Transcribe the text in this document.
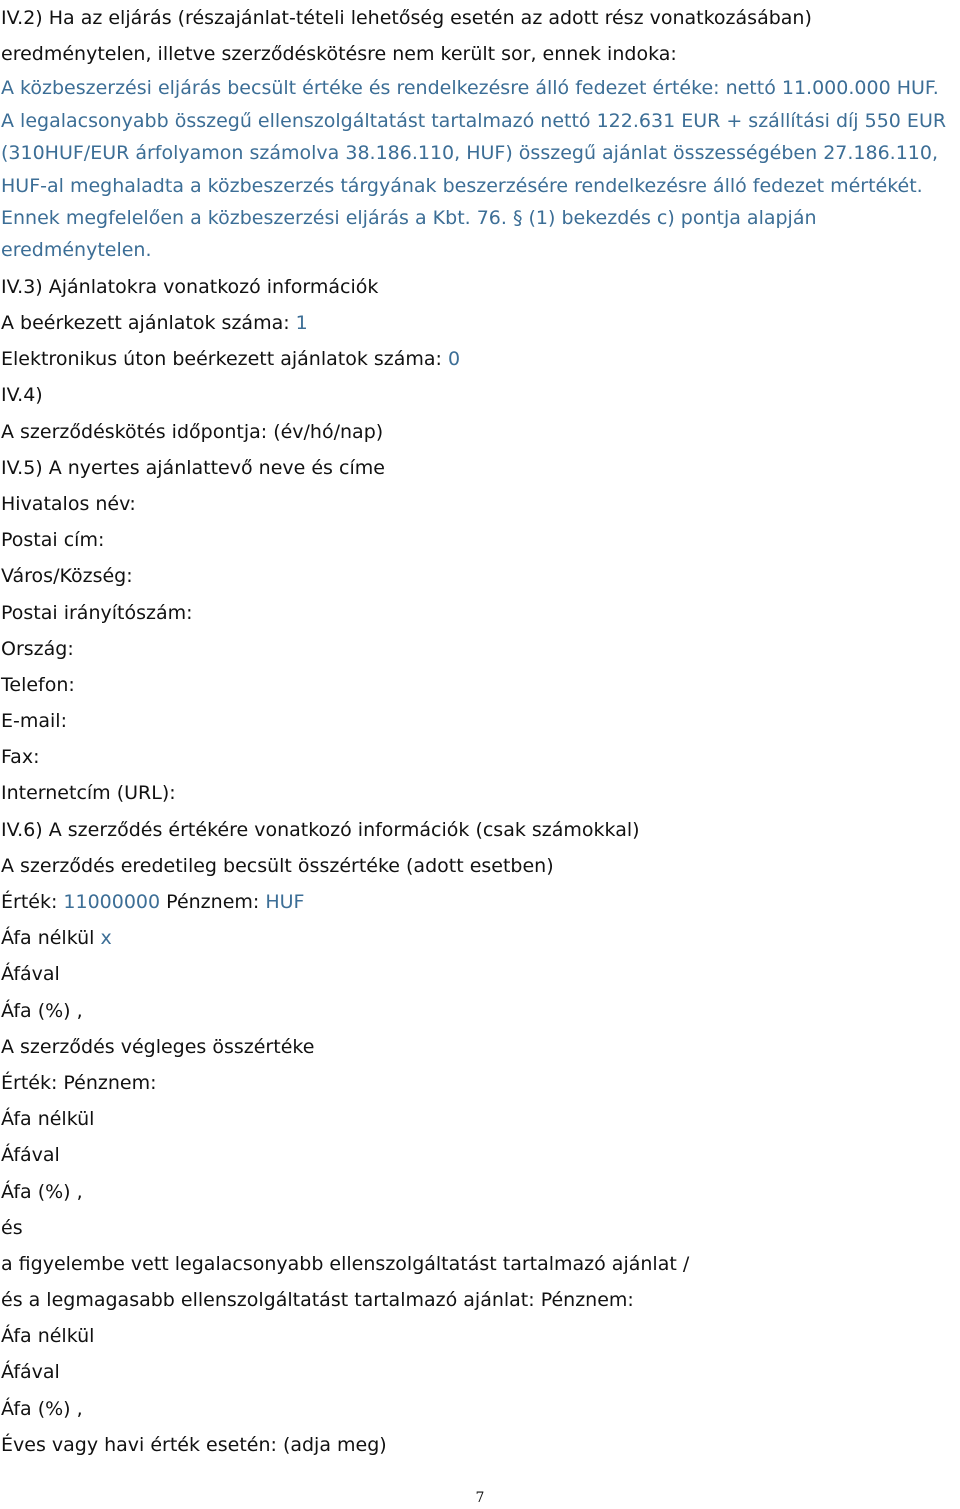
IV.2) Ha az eljárás (részajánlat-tételi lehetőség esetén az adott rész vonatkozásában)
eredménytelen, illetve szerződéskötésre nem került sor, ennek indoka:

A közbeszerzési eljárás becsült értéke és rendelkezésre álló fedezet értéke: nettó 11.000.000 HUF. A legalacsonyabb összegű ellenszolgáltatást tartalmazó nettó 122.631 EUR + szállítási díj 550 EUR (310HUF/EUR árfolyamon számolva 38.186.110, HUF) összegű ajánlat összességében 27.186.110, HUF-al meghaladta a közbeszerzés tárgyának beszerzésére rendelkezésre álló fedezet mértékét. Ennek megfelelően a közbeszerzési eljárás a Kbt. 76. § (1) bekezdés c) pontja alapján eredménytelen.

IV.3) Ajánlatokra vonatkozó információk
A beérkezett ajánlatok száma: 1
Elektronikus úton beérkezett ajánlatok száma: 0
IV.4)
A szerződéskötés időpontja: (év/hó/nap)
IV.5) A nyertes ajánlattevő neve és címe
Hivatalos név:
Postai cím:
Város/Község:
Postai irányítószám:
Ország:
Telefon:
E-mail:
Fax:
Internetcím (URL):
IV.6) A szerződés értékére vonatkozó információk (csak számokkal)
A szerződés eredetileg becsült összértéke (adott esetben)
Érték: 11000000 Pénznem: HUF
Áfa nélkül x
Áfával
Áfa (%) ,
A szerződés végleges összértéke
Érték: Pénznem:
Áfa nélkül
Áfával
Áfa (%) ,
és
a figyelembe vett legalacsonyabb ellenszolgáltatást tartalmazó ajánlat /
és a legmagasabb ellenszolgáltatást tartalmazó ajánlat: Pénznem:
Áfa nélkül
Áfával
Áfa (%) ,
Éves vagy havi érték esetén: (adja meg)
7
